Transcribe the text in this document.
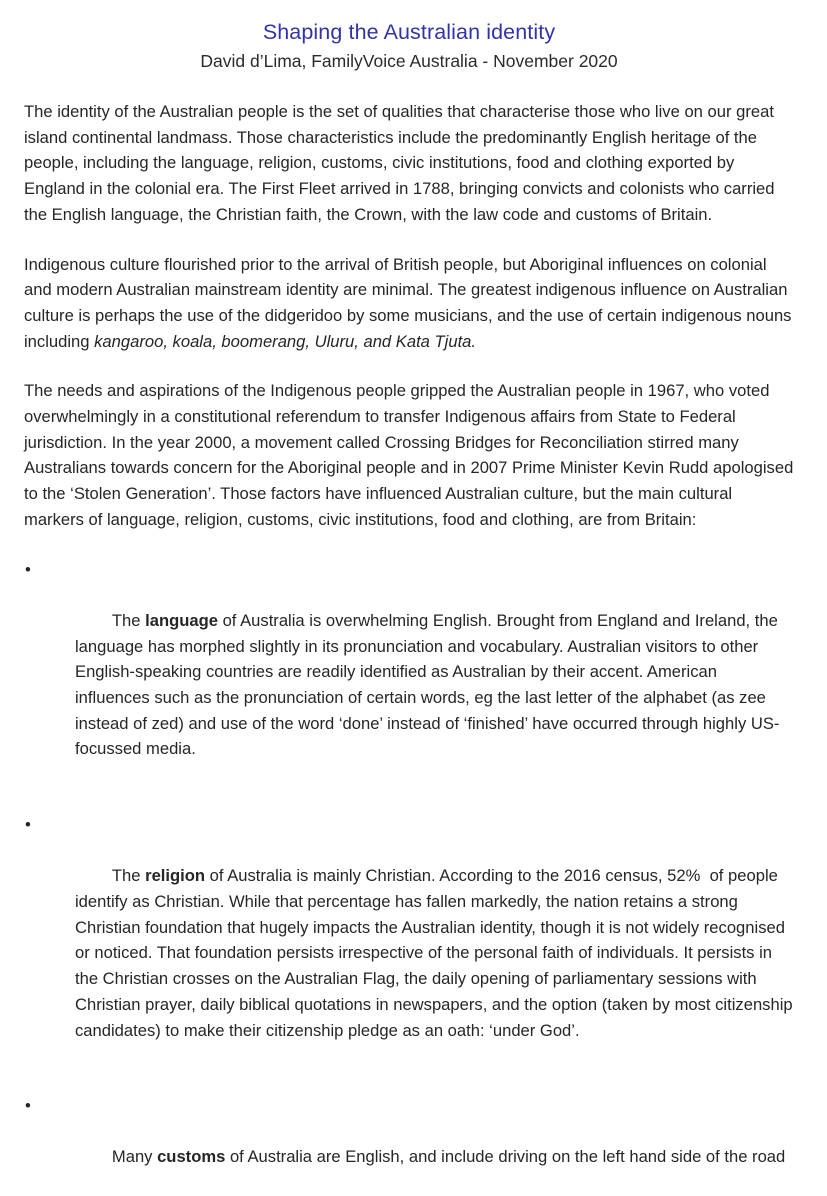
Shaping the Australian identity
David d’Lima, FamilyVoice Australia - November 2020

The identity of the Australian people is the set of qualities that characterise those who live on our great island continental landmass. Those characteristics include the predominantly English heritage of the people, including the language, religion, customs, civic institutions, food and clothing exported by England in the colonial era. The First Fleet arrived in 1788, bringing convicts and colonists who carried the English language, the Christian faith, the Crown, with the law code and customs of Britain.

Indigenous culture flourished prior to the arrival of British people, but Aboriginal influences on colonial and modern Australian mainstream identity are minimal. The greatest indigenous influence on Australian culture is perhaps the use of the didgeridoo by some musicians, and the use of certain indigenous nouns including kangaroo, koala, boomerang, Uluru, and Kata Tjuta.

The needs and aspirations of the Indigenous people gripped the Australian people in 1967, who voted overwhelmingly in a constitutional referendum to transfer Indigenous affairs from State to Federal jurisdiction. In the year 2000, a movement called Crossing Bridges for Reconciliation stirred many Australians towards concern for the Aboriginal people and in 2007 Prime Minister Kevin Rudd apologised to the ‘Stolen Generation’. Those factors have influenced Australian culture, but the main cultural markers of language, religion, customs, civic institutions, food and clothing, are from Britain:

•

The language of Australia is overwhelming English. Brought from England and Ireland, the language has morphed slightly in its pronunciation and vocabulary. Australian visitors to other English-speaking countries are readily identified as Australian by their accent. American influences such as the pronunciation of certain words, eg the last letter of the alphabet (as zee instead of zed) and use of the word ‘done’ instead of ‘finished’ have occurred through highly US-focussed media.

•

The religion of Australia is mainly Christian. According to the 2016 census, 52%  of people identify as Christian. While that percentage has fallen markedly, the nation retains a strong Christian foundation that hugely impacts the Australian identity, though it is not widely recognised or noticed. That foundation persists irrespective of the personal faith of individuals. It persists in the Christian crosses on the Australian Flag, the daily opening of parliamentary sessions with Christian prayer, daily biblical quotations in newspapers, and the option (taken by most citizenship candidates) to make their citizenship pledge as an oath: ‘under God’.

•

Many customs of Australia are English, and include driving on the left hand side of the road
